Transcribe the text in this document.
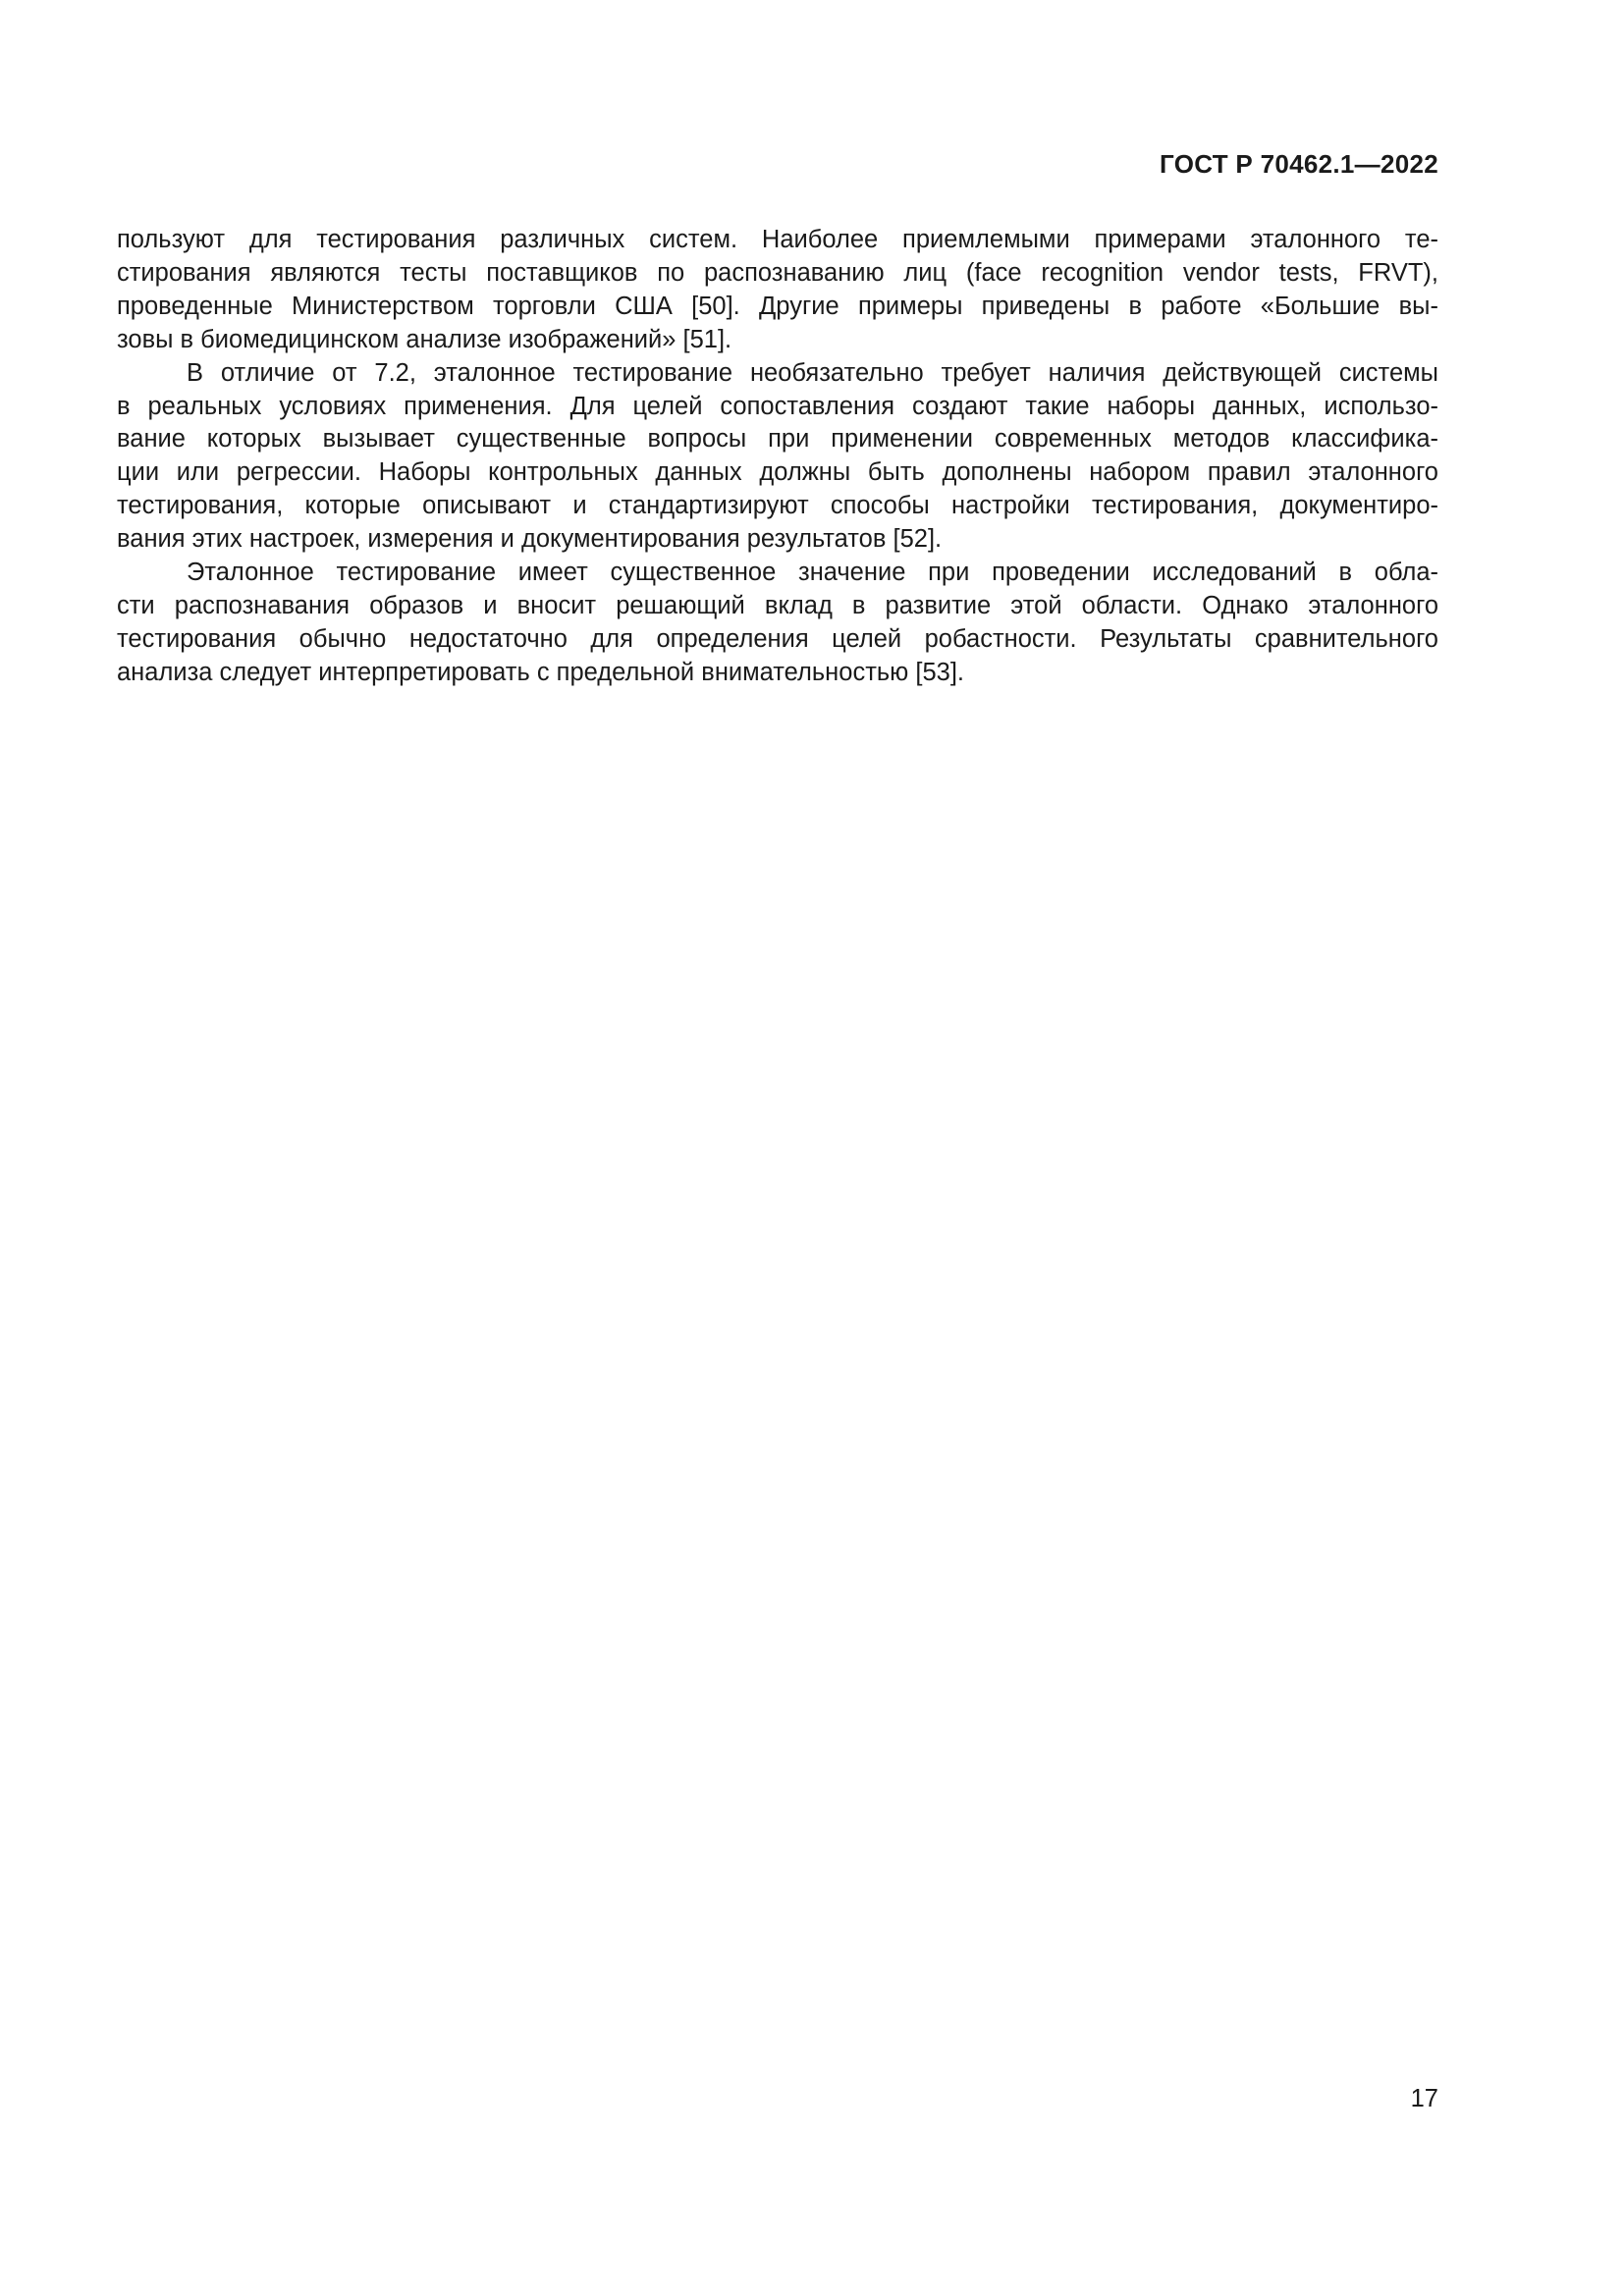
ГОСТ Р 70462.1—2022

пользуют для тестирования различных систем. Наиболее приемлемыми примерами эталонного те-
стирования являются тесты поставщиков по распознаванию лиц (face recognition vendor tests, FRVT),
проведенные Министерством торговли США [50]. Другие примеры приведены в работе «Большие вы-
зовы в биомедицинском анализе изображений» [51].

В отличие от 7.2, эталонное тестирование необязательно требует наличия действующей системы
в реальных условиях применения. Для целей сопоставления создают такие наборы данных, использо-
вание которых вызывает существенные вопросы при применении современных методов классифика-
ции или регрессии. Наборы контрольных данных должны быть дополнены набором правил эталонного
тестирования, которые описывают и стандартизируют способы настройки тестирования, документиро-
вания этих настроек, измерения и документирования результатов [52].

Эталонное тестирование имеет существенное значение при проведении исследований в обла-
сти распознавания образов и вносит решающий вклад в развитие этой области. Однако эталонного
тестирования обычно недостаточно для определения целей робастности. Результаты сравнительного
анализа следует интерпретировать с предельной внимательностью [53].

17
